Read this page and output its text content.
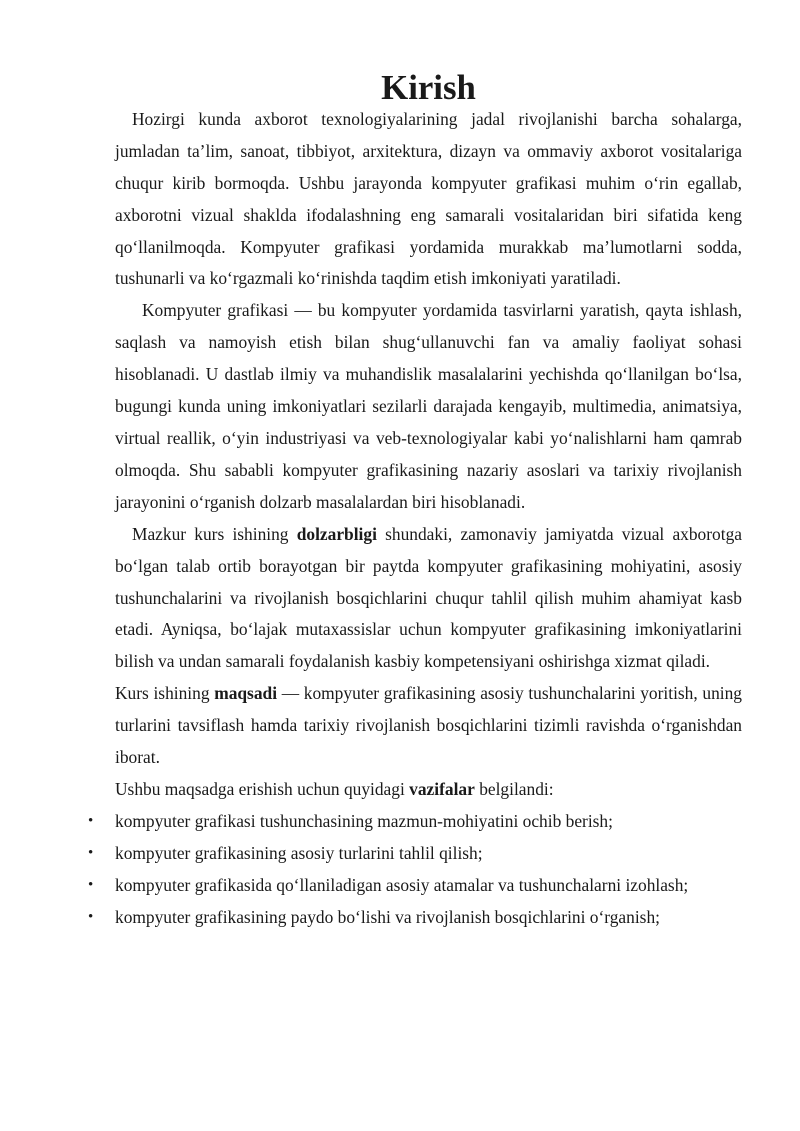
Kirish

Hozirgi kunda axborot texnologiyalarining jadal rivojlanishi barcha sohalarga, jumladan ta’lim, sanoat, tibbiyot, arxitektura, dizayn va ommaviy axborot vositalariga chuqur kirib bormoqda. Ushbu jarayonda kompyuter grafikasi muhim o‘rin egallab, axborotni vizual shaklda ifodalashning eng samarali vositalaridan biri sifatida keng qo‘llanilmoqda. Kompyuter grafikasi yordamida murakkab ma’lumotlarni sodda, tushunarli va ko‘rgazmali ko‘rinishda taqdim etish imkoniyati yaratiladi.

Kompyuter grafikasi — bu kompyuter yordamida tasvirlarni yaratish, qayta ishlash, saqlash va namoyish etish bilan shug‘ullanuvchi fan va amaliy faoliyat sohasi hisoblanadi. U dastlab ilmiy va muhandislik masalalarini yechishda qo‘llanilgan bo‘lsa, bugungi kunda uning imkoniyatlari sezilarli darajada kengayib, multimedia, animatsiya, virtual reallik, o‘yin industriyasi va veb-texnologiyalar kabi yo‘nalishlarni ham qamrab olmoqda. Shu sababli kompyuter grafikasining nazariy asoslari va tarixiy rivojlanish jarayonini o‘rganish dolzarb masalalardan biri hisoblanadi.

Mazkur kurs ishining dolzarbligi shundaki, zamonaviy jamiyatda vizual axborotga bo‘lgan talab ortib borayotgan bir paytda kompyuter grafikasining mohiyatini, asosiy tushunchalarini va rivojlanish bosqichlarini chuqur tahlil qilish muhim ahamiyat kasb etadi. Ayniqsa, bo‘lajak mutaxassislar uchun kompyuter grafikasining imkoniyatlarini bilish va undan samarali foydalanish kasbiy kompetensiyani oshirishga xizmat qiladi.

Kurs ishining maqsadi — kompyuter grafikasining asosiy tushunchalarini yoritish, uning turlarini tavsiflash hamda tarixiy rivojlanish bosqichlarini tizimli ravishda o‘rganishdan iborat.

Ushbu maqsadga erishish uchun quyidagi vazifalar belgilandi:

• kompyuter grafikasi tushunchasining mazmun-mohiyatini ochib berish;
• kompyuter grafikasining asosiy turlarini tahlil qilish;
• kompyuter grafikasida qo‘llaniladigan asosiy atamalar va tushunchalarni izohlash;
• kompyuter grafikasining paydo bo‘lishi va rivojlanish bosqichlarini o‘rganish;
